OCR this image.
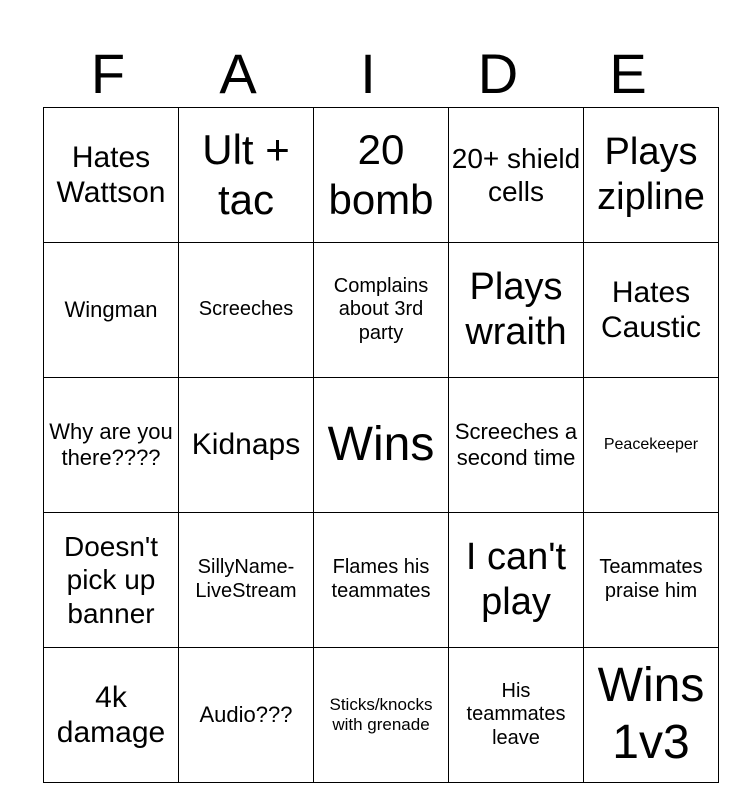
F	A	I	D	E
Hates Wattson	Ult + tac	20 bomb	20+ shield cells	Plays zipline
Wingman	Screeches	Complains about 3rd party	Plays wraith	Hates Caustic
Why are you there????	Kidnaps	Wins	Screeches a second time	Peacekeeper
Doesn't pick up banner	SillyName-LiveStream	Flames his teammates	I can't play	Teammates praise him
4k damage	Audio???	Sticks/knocks with grenade	His teammates leave	Wins 1v3
